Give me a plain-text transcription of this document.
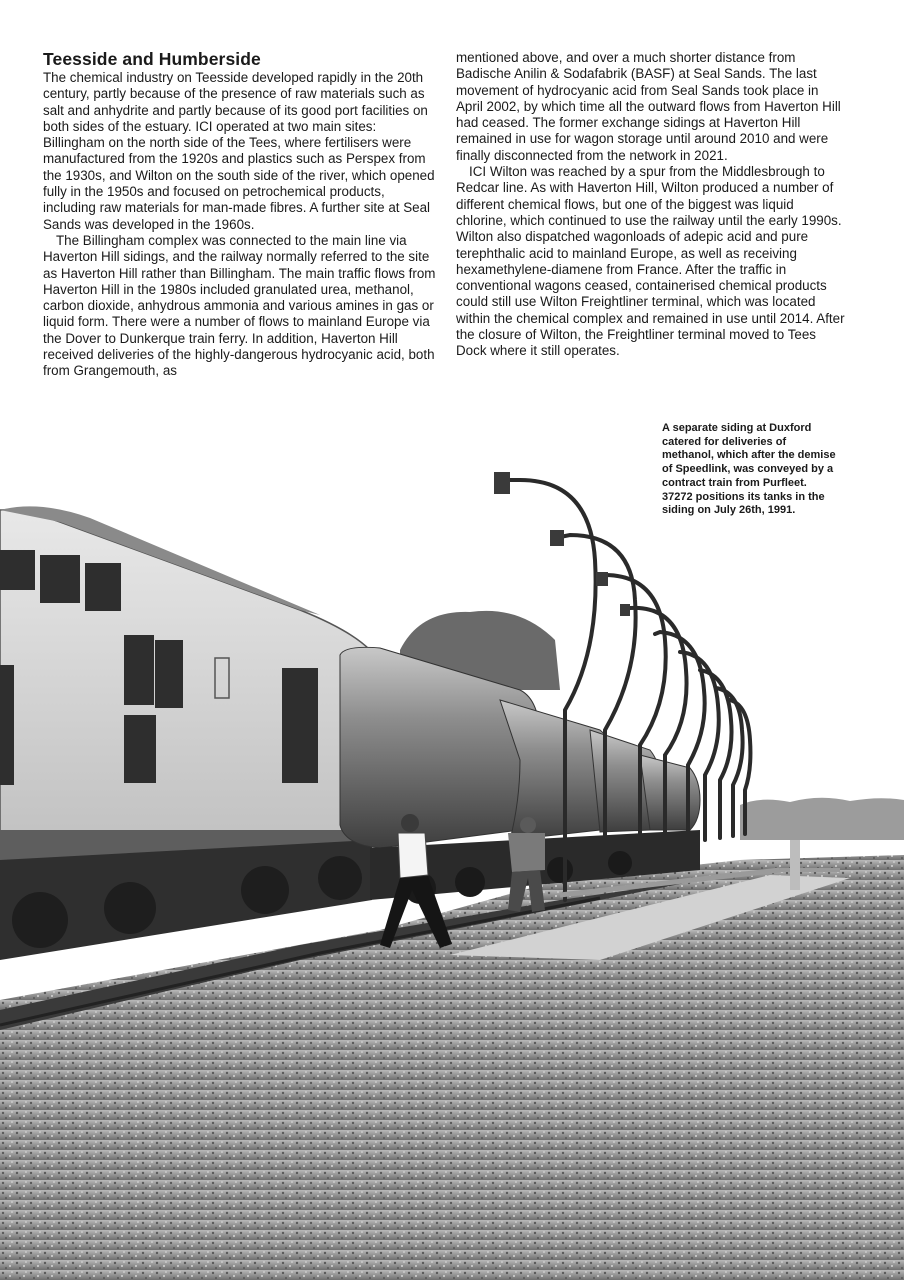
Teesside and Humberside

The chemical industry on Teesside developed rapidly in the 20th century, partly because of the presence of raw materials such as salt and anhydrite and partly because of its good port facilities on both sides of the estuary. ICI operated at two main sites: Billingham on the north side of the Tees, where fertilisers were manufactured from the 1920s and plastics such as Perspex from the 1930s, and Wilton on the south side of the river, which opened fully in the 1950s and focused on petrochemical products, including raw materials for man-made fibres. A further site at Seal Sands was developed in the 1960s.

The Billingham complex was connected to the main line via Haverton Hill sidings, and the railway normally referred to the site as Haverton Hill rather than Billingham. The main traffic flows from Haverton Hill in the 1980s included granulated urea, methanol, carbon dioxide, anhydrous ammonia and various amines in gas or liquid form. There were a number of flows to mainland Europe via the Dover to Dunkerque train ferry. In addition, Haverton Hill received deliveries of the highly-dangerous hydrocyanic acid, both from Grangemouth, as

mentioned above, and over a much shorter distance from Badische Anilin & Sodafabrik (BASF) at Seal Sands. The last movement of hydrocyanic acid from Seal Sands took place in April 2002, by which time all the outward flows from Haverton Hill had ceased. The former exchange sidings at Haverton Hill remained in use for wagon storage until around 2010 and were finally disconnected from the network in 2021.

ICI Wilton was reached by a spur from the Middlesbrough to Redcar line. As with Haverton Hill, Wilton produced a number of different chemical flows, but one of the biggest was liquid chlorine, which continued to use the railway until the early 1990s. Wilton also dispatched wagonloads of adepic acid and pure terephthalic acid to mainland Europe, as well as receiving hexamethylene-diamene from France. After the traffic in conventional wagons ceased, containerised chemical products could still use Wilton Freightliner terminal, which was located within the chemical complex and remained in use until 2014. After the closure of Wilton, the Freightliner terminal moved to Tees Dock where it still operates.

A separate siding at Duxford catered for deliveries of methanol, which after the demise of Speedlink, was conveyed by a contract train from Purfleet. 37272 positions its tanks in the siding on July 26th, 1991.
